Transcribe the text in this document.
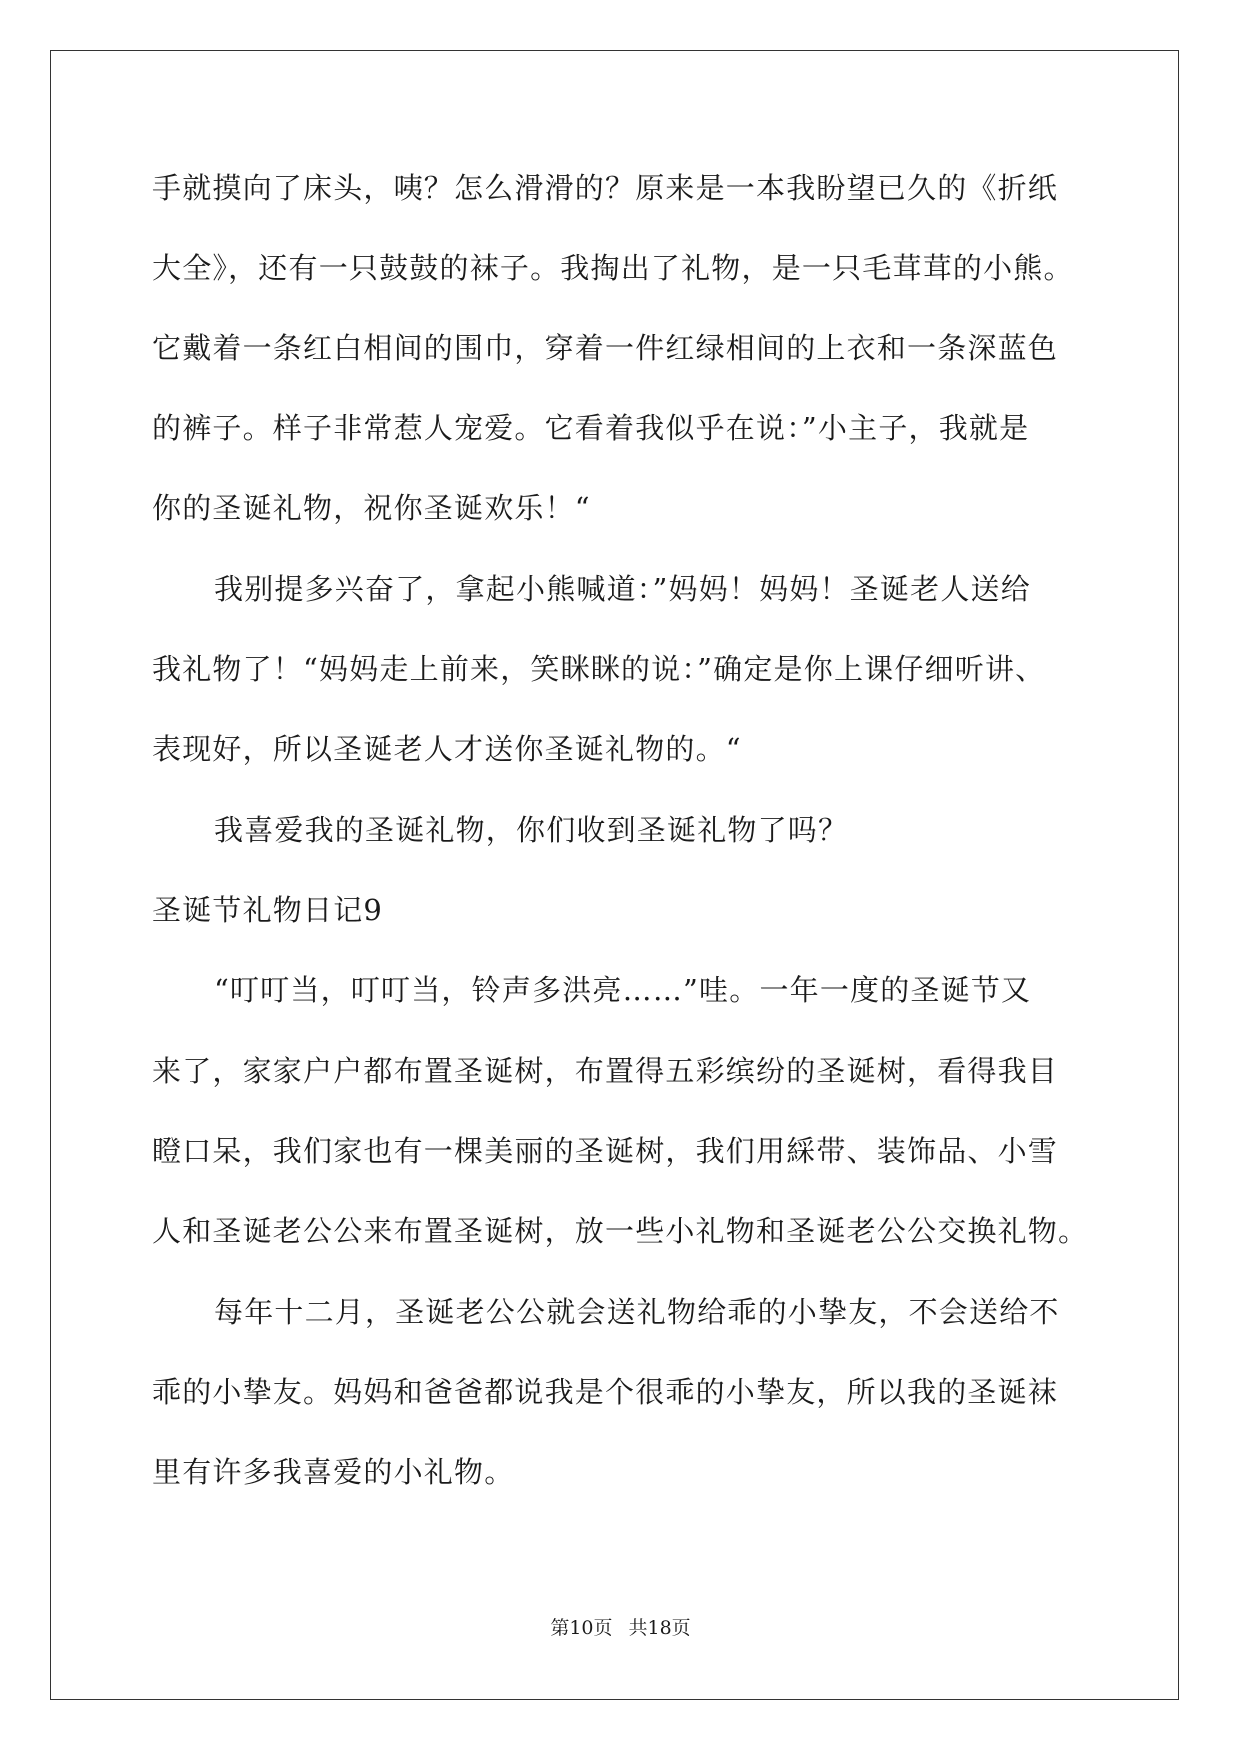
手就摸向了床头，咦？怎么滑滑的？原来是一本我盼望已久的《折纸
大全》，还有一只鼓鼓的袜子。我掏出了礼物，是一只毛茸茸的小熊。
它戴着一条红白相间的围巾，穿着一件红绿相间的上衣和一条深蓝色
的裤子。样子非常惹人宠爱。它看着我似乎在说：”小主子，我就是
你的圣诞礼物，祝你圣诞欢乐！“
我别提多兴奋了，拿起小熊喊道：”妈妈！妈妈！圣诞老人送给
我礼物了！“妈妈走上前来，笑眯眯的说：”确定是你上课仔细听讲、
表现好，所以圣诞老人才送你圣诞礼物的。“
我喜爱我的圣诞礼物，你们收到圣诞礼物了吗？
圣诞节礼物日记9
“叮叮当，叮叮当，铃声多洪亮……”哇。一年一度的圣诞节又
来了，家家户户都布置圣诞树，布置得五彩缤纷的圣诞树，看得我目
瞪口呆，我们家也有一棵美丽的圣诞树，我们用綵带、装饰品、小雪
人和圣诞老公公来布置圣诞树，放一些小礼物和圣诞老公公交换礼物。
每年十二月，圣诞老公公就会送礼物给乖的小挚友，不会送给不
乖的小挚友。妈妈和爸爸都说我是个很乖的小挚友，所以我的圣诞袜
里有许多我喜爱的小礼物。
第10页 共18页
